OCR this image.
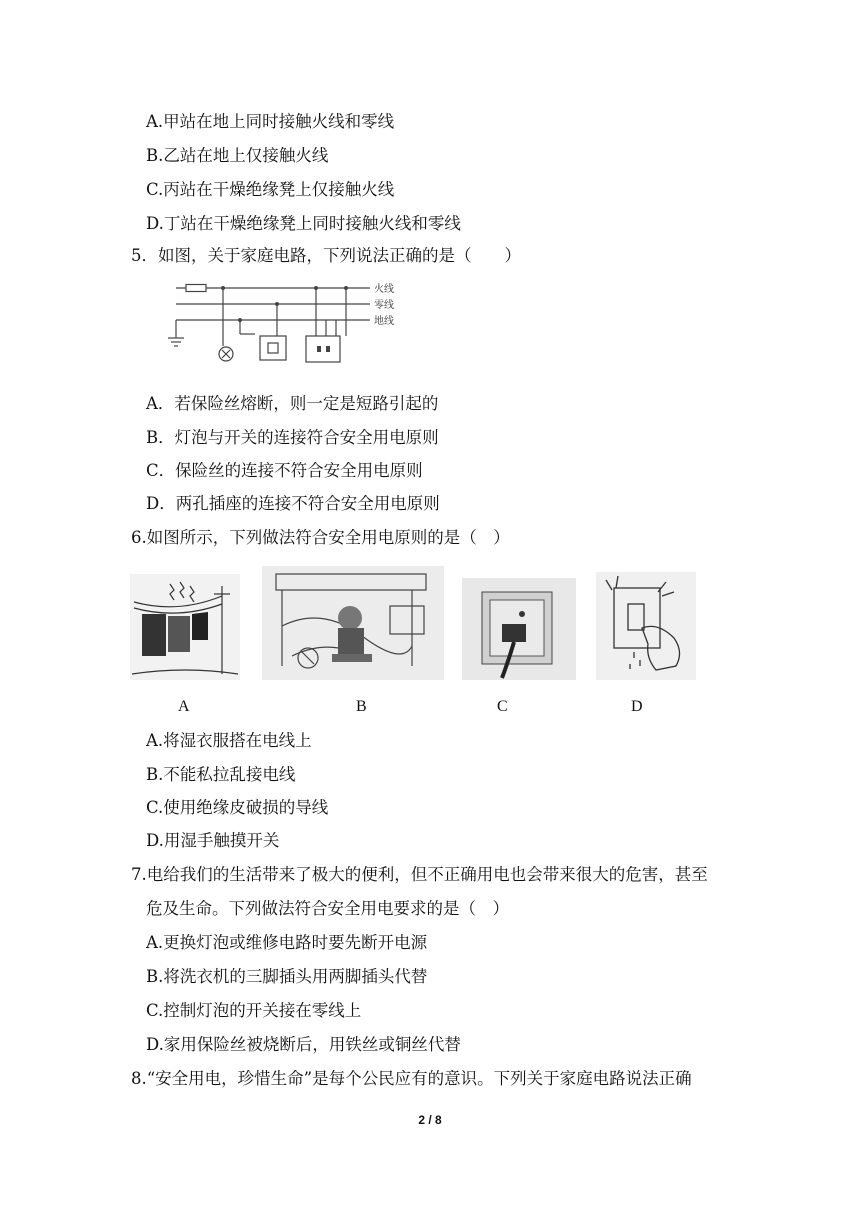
A.甲站在地上同时接触火线和零线
B.乙站在地上仅接触火线
C.丙站在干燥绝缘凳上仅接触火线
D.丁站在干燥绝缘凳上同时接触火线和零线
5．如图，关于家庭电路，下列说法正确的是（　　）
火线
零线
地线
A．若保险丝熔断，则一定是短路引起的
B．灯泡与开关的连接符合安全用电原则
C．保险丝的连接不符合安全用电原则
D．两孔插座的连接不符合安全用电原则
6.如图所示，下列做法符合安全用电原则的是（　）
A	B	C	D
A.将湿衣服搭在电线上
B.不能私拉乱接电线
C.使用绝缘皮破损的导线
D.用湿手触摸开关
7.电给我们的生活带来了极大的便利，但不正确用电也会带来很大的危害，甚至
危及生命。下列做法符合安全用电要求的是（　）
A.更换灯泡或维修电路时要先断开电源
B.将洗衣机的三脚插头用两脚插头代替
C.控制灯泡的开关接在零线上
D.家用保险丝被烧断后，用铁丝或铜丝代替
8.“安全用电，珍惜生命”是每个公民应有的意识。下列关于家庭电路说法正确
2 / 8
